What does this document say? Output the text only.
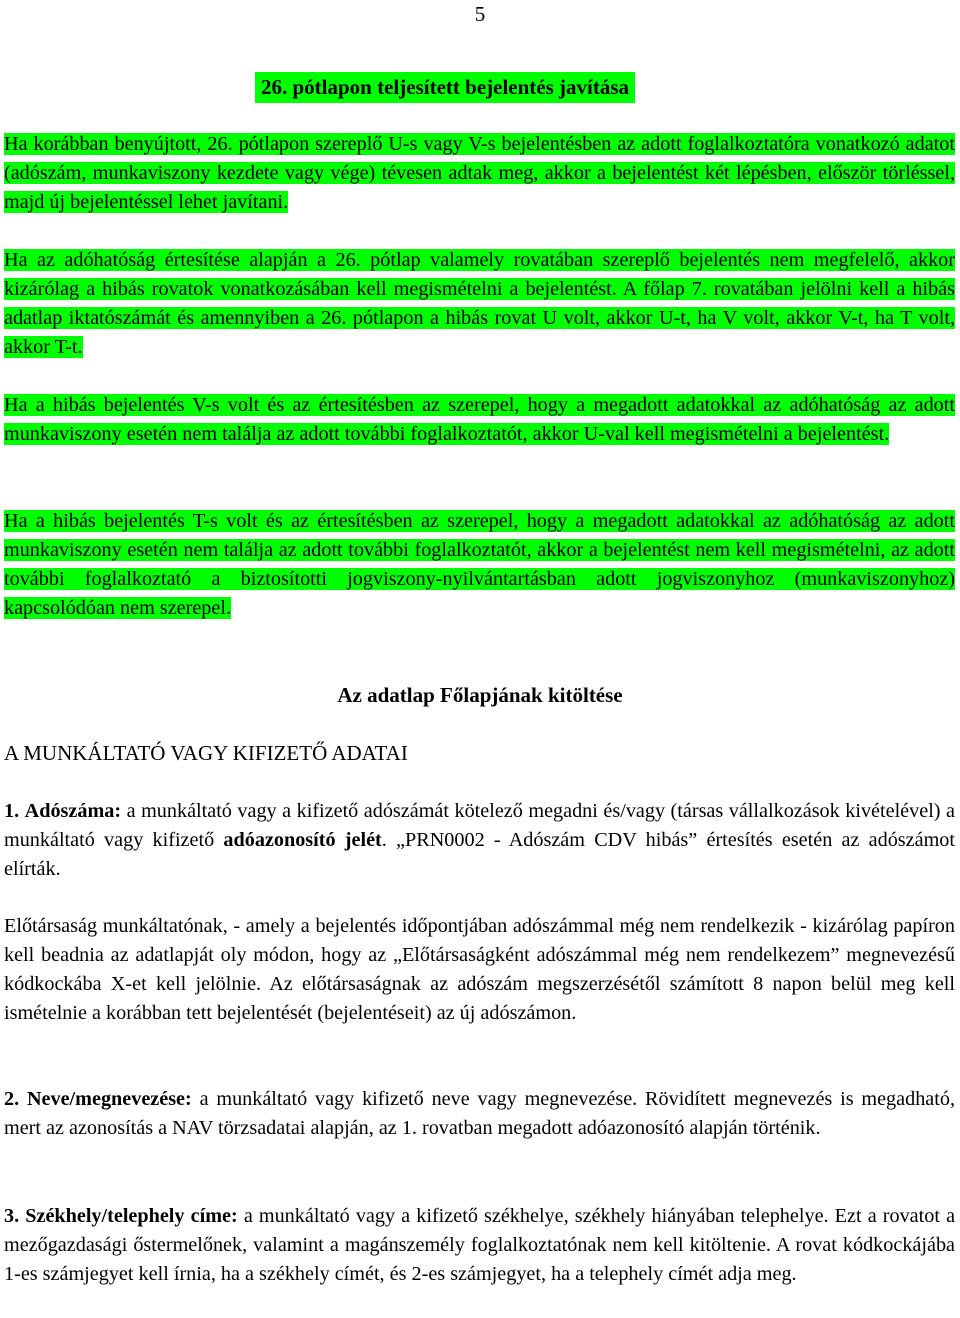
5
26. pótlapon teljesített bejelentés javítása
Ha korábban benyújtott, 26. pótlapon szereplő U-s vagy V-s bejelentésben az adott foglalkoztatóra vonatkozó adatot (adószám, munkaviszony kezdete vagy vége) tévesen adtak meg, akkor a bejelentést két lépésben, először törléssel, majd új bejelentéssel lehet javítani.
Ha az adóhatóság értesítése alapján a 26. pótlap valamely rovatában szereplő bejelentés nem megfelelő, akkor kizárólag a hibás rovatok vonatkozásában kell megismételni a bejelentést. A főlap 7. rovatában jelölni kell a hibás adatlap iktatószámát és amennyiben a 26. pótlapon a hibás rovat U volt, akkor U-t, ha V volt, akkor V-t, ha T volt, akkor T-t.
Ha a hibás bejelentés V-s volt és az értesítésben az szerepel, hogy a megadott adatokkal az adóhatóság az adott munkaviszony esetén nem találja az adott további foglalkoztatót, akkor U-val kell megismételni a bejelentést.
Ha a hibás bejelentés T-s volt és az értesítésben az szerepel, hogy a megadott adatokkal az adóhatóság az adott munkaviszony esetén nem találja az adott további foglalkoztatót, akkor a bejelentést nem kell megismételni, az adott további foglalkoztató a biztosítotti jogviszony-nyilvántartásban adott jogviszonyhoz (munkaviszonyhoz) kapcsolódóan nem szerepel.
Az adatlap Főlapjának kitöltése
A MUNKÁLTATÓ VAGY KIFIZETŐ ADATAI
1. Adószáma: a munkáltató vagy a kifizető adószámát kötelező megadni és/vagy (társas vállalkozások kivételével) a munkáltató vagy kifizető adóazonosító jelét. „PRN0002 - Adószám CDV hibás” értesítés esetén az adószámot elírták.
Előtársaság munkáltatónak, - amely a bejelentés időpontjában adószámmal még nem rendelkezik - kizárólag papíron kell beadnia az adatlapját oly módon, hogy az „Előtársaságként adószámmal még nem rendelkezem” megnevezésű kódkockába X-et kell jelölnie. Az előtársaságnak az adószám megszerzésétől számított 8 napon belül meg kell ismételnie a korábban tett bejelentését (bejelentéseit) az új adószámon.
2. Neve/megnevezése: a munkáltató vagy kifizető neve vagy megnevezése. Rövidített megnevezés is megadható, mert az azonosítás a NAV törzsadatai alapján, az 1. rovatban megadott adóazonosító alapján történik.
3. Székhely/telephely címe: a munkáltató vagy a kifizető székhelye, székhely hiányában telephelye. Ezt a rovatot a mezőgazdasági őstermelőnek, valamint a magánszemély foglalkoztatónak nem kell kitöltenie. A rovat kódkockájába 1-es számjegyet kell írnia, ha a székhely címét, és 2-es számjegyet, ha a telephely címét adja meg.
